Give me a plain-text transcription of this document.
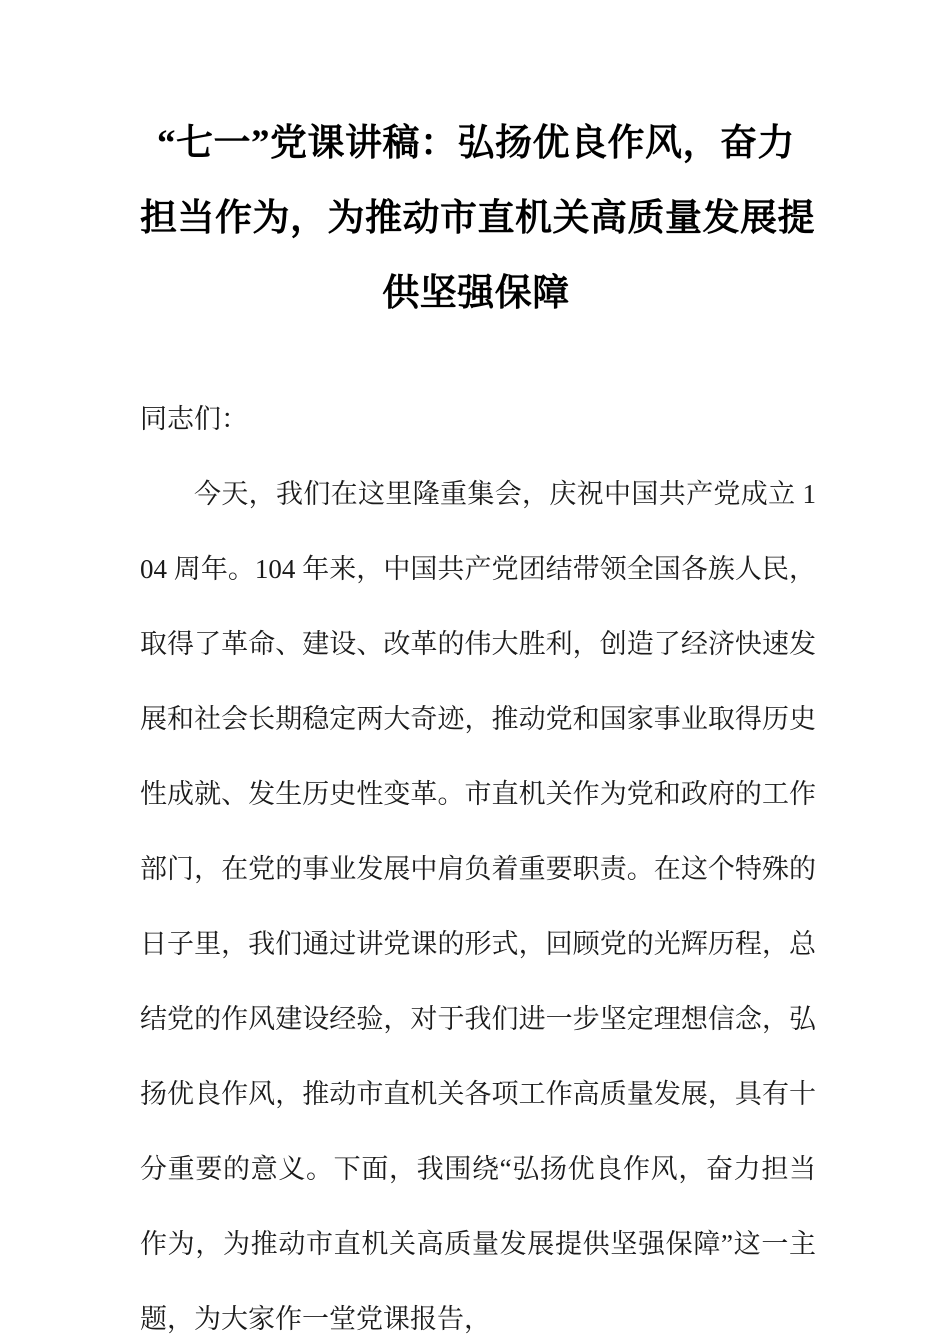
“七一”党课讲稿：弘扬优良作风，奋力
担当作为，为推动市直机关高质量发展提
供坚强保障

同志们：

今天，我们在这里隆重集会，庆祝中国共产党成立 104 周年。104 年来，中国共产党团结带领全国各族人民，取得了革命、建设、改革的伟大胜利，创造了经济快速发展和社会长期稳定两大奇迹，推动党和国家事业取得历史性成就、发生历史性变革。市直机关作为党和政府的工作部门，在党的事业发展中肩负着重要职责。在这个特殊的日子里，我们通过讲党课的形式，回顾党的光辉历程，总结党的作风建设经验，对于我们进一步坚定理想信念，弘扬优良作风，推动市直机关各项工作高质量发展，具有十分重要的意义。下面，我围绕“弘扬优良作风，奋力担当作为，为推动市直机关高质量发展提供坚强保障”这一主题，为大家作一堂党课报告，
